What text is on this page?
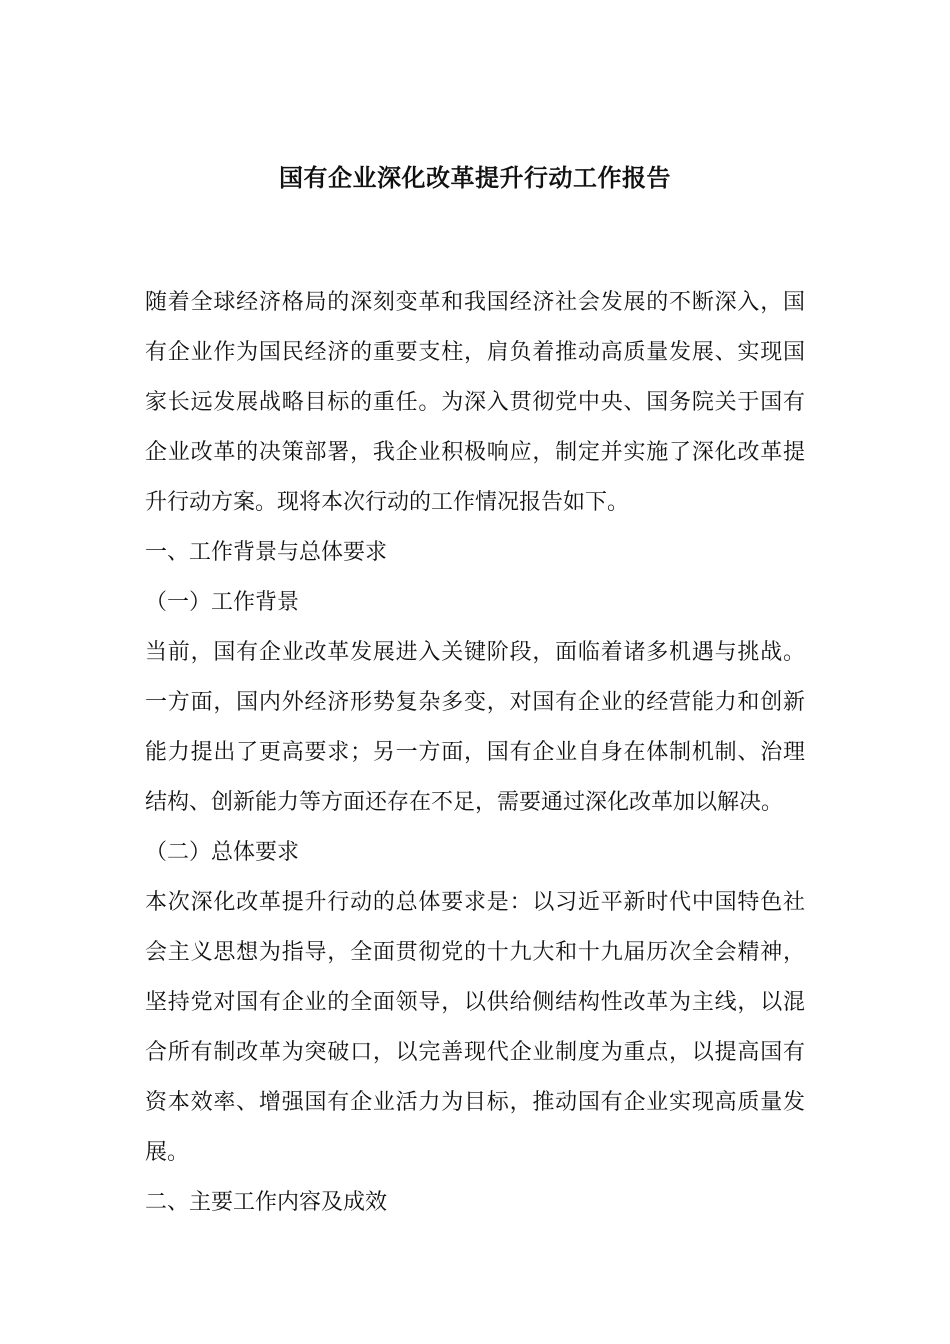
国有企业深化改革提升行动工作报告
随着全球经济格局的深刻变革和我国经济社会发展的不断深入，国
有企业作为国民经济的重要支柱，肩负着推动高质量发展、实现国
家长远发展战略目标的重任。为深入贯彻党中央、国务院关于国有
企业改革的决策部署，我企业积极响应，制定并实施了深化改革提
升行动方案。现将本次行动的工作情况报告如下。
一、工作背景与总体要求
（一）工作背景
当前，国有企业改革发展进入关键阶段，面临着诸多机遇与挑战。
一方面，国内外经济形势复杂多变，对国有企业的经营能力和创新
能力提出了更高要求；另一方面，国有企业自身在体制机制、治理
结构、创新能力等方面还存在不足，需要通过深化改革加以解决。
（二）总体要求
本次深化改革提升行动的总体要求是：以习近平新时代中国特色社
会主义思想为指导，全面贯彻党的十九大和十九届历次全会精神，
坚持党对国有企业的全面领导，以供给侧结构性改革为主线，以混
合所有制改革为突破口，以完善现代企业制度为重点，以提高国有
资本效率、增强国有企业活力为目标，推动国有企业实现高质量发
展。
二、主要工作内容及成效
